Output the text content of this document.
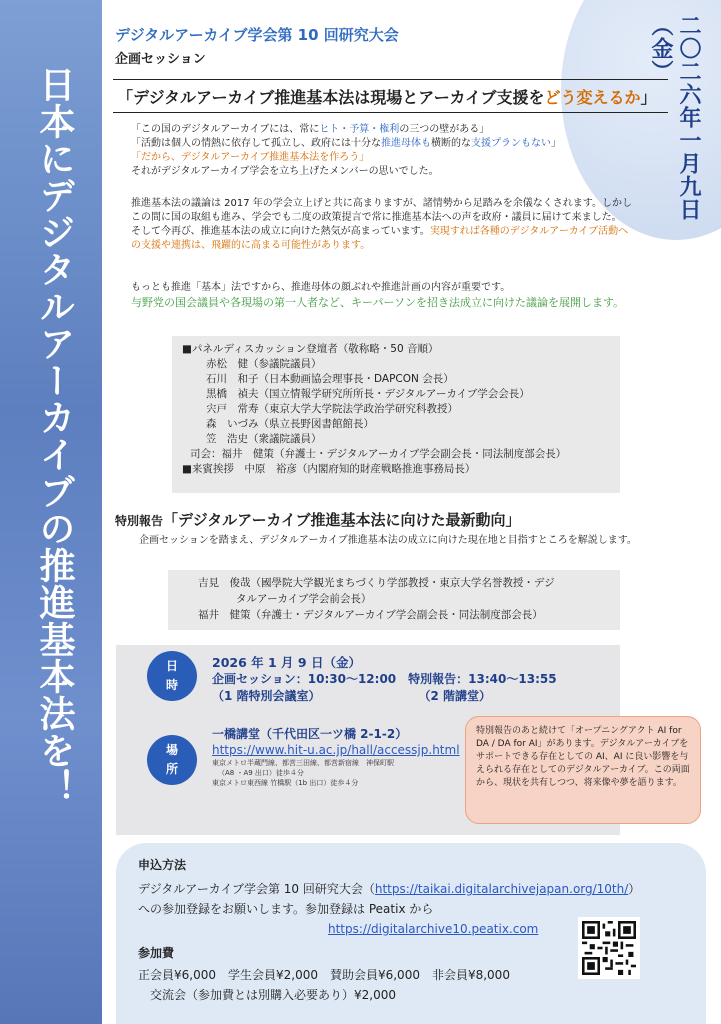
日本にデジタルアーカイブの推進基本法を！	二〇二六年一月九日（金）
デジタルアーカイブ学会第 10 回研究大会
企画セッション
「デジタルアーカイブ推進基本法は現場とアーカイブ支援をどう変えるか」
「この国のデジタルアーカイブには、常にヒト・予算・権利の三つの壁がある」
「活動は個人の情熱に依存して孤立し、政府には十分な推進母体も横断的な支援プランもない」
「だから、デジタルアーカイブ推進基本法を作ろう」
それがデジタルアーカイブ学会を立ち上げたメンバーの思いでした。
推進基本法の議論は 2017 年の学会立上げと共に高まりますが、諸情勢から足踏みを余儀なくされます。しかしこの間に国の取組も進み、学会でも二度の政策提言で常に推進基本法への声を政府・議員に届けて来ました。
そして今再び、推進基本法の成立に向けた熱気が高まっています。実現すれば各種のデジタルアーカイブ活動への支援や連携は、飛躍的に高まる可能性があります。
もっとも推進「基本」法ですから、推進母体の顔ぶれや推進計画の内容が重要です。
与野党の国会議員や各現場の第一人者など、キーパーソンを招き法成立に向けた議論を展開します。
■パネルディスカッション登壇者（敬称略・50 音順）
赤松　健（参議院議員）
石川　和子（日本動画協会理事長・DAPCON 会長）
黒橋　禎夫（国立情報学研究所所長・デジタルアーカイブ学会会長）
宍戸　常寿（東京大学大学院法学政治学研究科教授）
森　いづみ（県立長野図書館館長）
笠　浩史（衆議院議員）
司会：福井　健策（弁護士・デジタルアーカイブ学会副会長・同法制度部会長）
■来賓挨拶　中原　裕彦（内閣府知的財産戦略推進事務局長）
特別報告「デジタルアーカイブ推進基本法に向けた最新動向」
企画セッションを踏まえ、デジタルアーカイブ推進基本法の成立に向けた現在地と目指すところを解説します。
吉見　俊哉（國學院大学観光まちづくり学部教授・東京大学名誉教授・デジ
タルアーカイブ学会前会長）
福井　健策（弁護士・デジタルアーカイブ学会副会長・同法制度部会長）
日
時
2026 年 1 月 9 日（金）
企画セッション：10:30～12:00　 特別報告：13:40～13:55
（1 階特別会議室）	（2 階講堂）
場
所
一橋講堂（千代田区一ツ橋 2-1-2）
https://www.hit-u.ac.jp/hall/accessjp.html
東京メトロ半蔵門線、都営三田線、都営新宿線　神保町駅
（A8 ・A9 出口）徒歩４分
東京メトロ東西線 竹橋駅（1b 出口）徒歩４分
特別報告のあと続けて「オープニングアクト AI for DA / DA for AI」があります。デジタルアーカイブをサポートできる存在としての AI、AI に良い影響を与えられる存在としてのデジタルアーカイブ。この両面から、現状を共有しつつ、将来像や夢を語ります。
申込方法
デジタルアーカイブ学会第 10 回研究大会（https://taikai.digitalarchivejapan.org/10th/）
への参加登録をお願いします。参加登録は Peatix から
https://digitalarchive10.peatix.com
参加費
正会員¥6,000　学生会員¥2,000　賛助会員¥6,000　非会員¥8,000
交流会（参加費とは別購入必要あり）¥2,000
